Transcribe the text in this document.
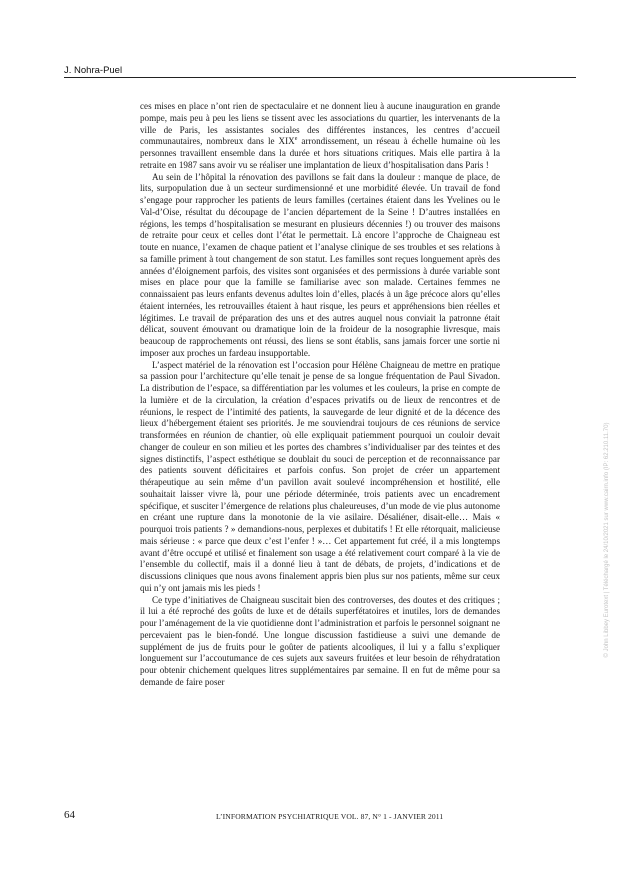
J. Nohra-Puel

ces mises en place n’ont rien de spectaculaire et ne donnent lieu à aucune inauguration en grande pompe, mais peu à peu les liens se tissent avec les associations du quartier, les intervenants de la ville de Paris, les assistantes sociales des différentes instances, les centres d’accueil communautaires, nombreux dans le XIXe arrondissement, un réseau à échelle humaine où les personnes travaillent ensemble dans la durée et hors situations critiques. Mais elle partira à la retraite en 1987 sans avoir vu se réaliser une implantation de lieux d’hospitalisation dans Paris !

Au sein de l’hôpital la rénovation des pavillons se fait dans la douleur : manque de place, de lits, surpopulation due à un secteur surdimensionné et une morbidité élevée. Un travail de fond s’engage pour rapprocher les patients de leurs familles (certaines étaient dans les Yvelines ou le Val-d’Oise, résultat du découpage de l’ancien département de la Seine ! D’autres installées en régions, les temps d’hospitalisation se mesurant en plusieurs décennies !) ou trouver des maisons de retraite pour ceux et celles dont l’état le permettait. Là encore l’approche de Chaigneau est toute en nuance, l’examen de chaque patient et l’analyse clinique de ses troubles et ses relations à sa famille priment à tout changement de son statut. Les familles sont reçues longuement après des années d’éloignement parfois, des visites sont organisées et des permissions à durée variable sont mises en place pour que la famille se familiarise avec son malade. Certaines femmes ne connaissaient pas leurs enfants devenus adultes loin d’elles, placés à un âge précoce alors qu’elles étaient internées, les retrouvailles étaient à haut risque, les peurs et appréhensions bien réelles et légitimes. Le travail de préparation des uns et des autres auquel nous conviait la patronne était délicat, souvent émouvant ou dramatique loin de la froideur de la nosographie livresque, mais beaucoup de rapprochements ont réussi, des liens se sont établis, sans jamais forcer une sortie ni imposer aux proches un fardeau insupportable.

L’aspect matériel de la rénovation est l’occasion pour Hélène Chaigneau de mettre en pratique sa passion pour l’architecture qu’elle tenait je pense de sa longue fréquentation de Paul Sivadon. La distribution de l’espace, sa différentiation par les volumes et les couleurs, la prise en compte de la lumière et de la circulation, la création d’espaces privatifs ou de lieux de rencontres et de réunions, le respect de l’intimité des patients, la sauvegarde de leur dignité et de la décence des lieux d’hébergement étaient ses priorités. Je me souviendrai toujours de ces réunions de service transformées en réunion de chantier, où elle expliquait patiemment pourquoi un couloir devait changer de couleur en son milieu et les portes des chambres s’individualiser par des teintes et des signes distinctifs, l’aspect esthétique se doublait du souci de perception et de reconnaissance par des patients souvent déficitaires et parfois confus. Son projet de créer un appartement thérapeutique au sein même d’un pavillon avait soulevé incompréhension et hostilité, elle souhaitait laisser vivre là, pour une période déterminée, trois patients avec un encadrement spécifique, et susciter l’émergence de relations plus chaleureuses, d’un mode de vie plus autonome en créant une rupture dans la monotonie de la vie asilaire. Désaliéner, disait-elle… Mais « pourquoi trois patients ? » demandions-nous, perplexes et dubitatifs ! Et elle rétorquait, malicieuse mais sérieuse : « parce que deux c’est l’enfer ! »… Cet appartement fut créé, il a mis longtemps avant d’être occupé et utilisé et finalement son usage a été relativement court comparé à la vie de l’ensemble du collectif, mais il a donné lieu à tant de débats, de projets, d’indications et de discussions cliniques que nous avons finalement appris bien plus sur nos patients, même sur ceux qui n’y ont jamais mis les pieds !

Ce type d’initiatives de Chaigneau suscitait bien des controverses, des doutes et des critiques ; il lui a été reproché des goûts de luxe et de détails superfétatoires et inutiles, lors de demandes pour l’aménagement de la vie quotidienne dont l’administration et parfois le personnel soignant ne percevaient pas le bien-fondé. Une longue discussion fastidieuse a suivi une demande de supplément de jus de fruits pour le goûter de patients alcooliques, il lui y a fallu s’expliquer longuement sur l’accoutumance de ces sujets aux saveurs fruitées et leur besoin de réhydratation pour obtenir chichement quelques litres supplémentaires par semaine. Il en fut de même pour sa demande de faire poser

64	L’INFORMATION PSYCHIATRIQUE VOL. 87, N° 1 - JANVIER 2011
© John Libbey Eurotext | Téléchargé le 24/10/2021 sur www.cairn.info (IP: 62.210.11.70)
